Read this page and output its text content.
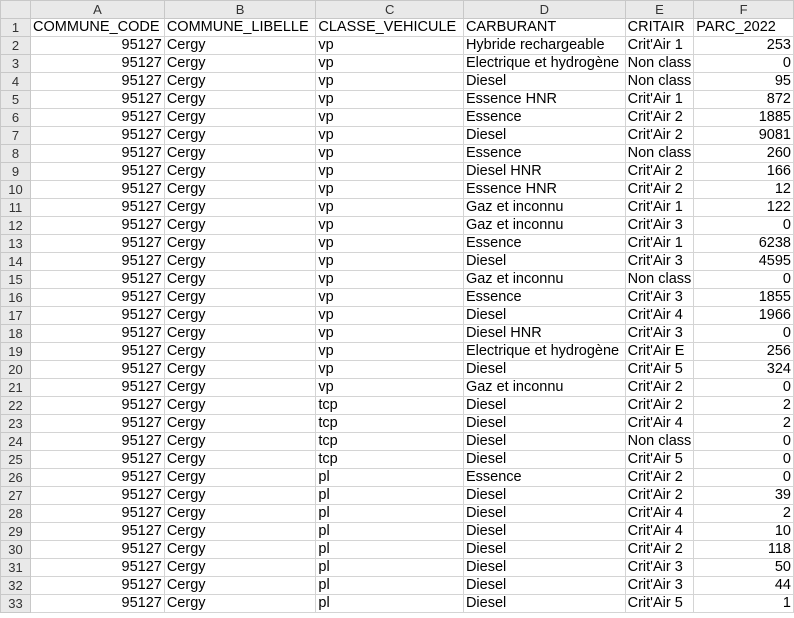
	A	B	C	D	E	F
1	COMMUNE_CODE	COMMUNE_LIBELLE	CLASSE_VEHICULE	CARBURANT	CRITAIR	PARC_2022
2	95127	Cergy	vp	Hybride rechargeable	Crit'Air 1	253
3	95127	Cergy	vp	Electrique et hydrogène	Non class	0
4	95127	Cergy	vp	Diesel	Non class	95
5	95127	Cergy	vp	Essence HNR	Crit'Air 1	872
6	95127	Cergy	vp	Essence	Crit'Air 2	1885
7	95127	Cergy	vp	Diesel	Crit'Air 2	9081
8	95127	Cergy	vp	Essence	Non class	260
9	95127	Cergy	vp	Diesel HNR	Crit'Air 2	166
10	95127	Cergy	vp	Essence HNR	Crit'Air 2	12
11	95127	Cergy	vp	Gaz et inconnu	Crit'Air 1	122
12	95127	Cergy	vp	Gaz et inconnu	Crit'Air 3	0
13	95127	Cergy	vp	Essence	Crit'Air 1	6238
14	95127	Cergy	vp	Diesel	Crit'Air 3	4595
15	95127	Cergy	vp	Gaz et inconnu	Non class	0
16	95127	Cergy	vp	Essence	Crit'Air 3	1855
17	95127	Cergy	vp	Diesel	Crit'Air 4	1966
18	95127	Cergy	vp	Diesel HNR	Crit'Air 3	0
19	95127	Cergy	vp	Electrique et hydrogène	Crit'Air E	256
20	95127	Cergy	vp	Diesel	Crit'Air 5	324
21	95127	Cergy	vp	Gaz et inconnu	Crit'Air 2	0
22	95127	Cergy	tcp	Diesel	Crit'Air 2	2
23	95127	Cergy	tcp	Diesel	Crit'Air 4	2
24	95127	Cergy	tcp	Diesel	Non class	0
25	95127	Cergy	tcp	Diesel	Crit'Air 5	0
26	95127	Cergy	pl	Essence	Crit'Air 2	0
27	95127	Cergy	pl	Diesel	Crit'Air 2	39
28	95127	Cergy	pl	Diesel	Crit'Air 4	2
29	95127	Cergy	pl	Diesel	Crit'Air 4	10
30	95127	Cergy	pl	Diesel	Crit'Air 2	118
31	95127	Cergy	pl	Diesel	Crit'Air 3	50
32	95127	Cergy	pl	Diesel	Crit'Air 3	44
33	95127	Cergy	pl	Diesel	Crit'Air 5	1
